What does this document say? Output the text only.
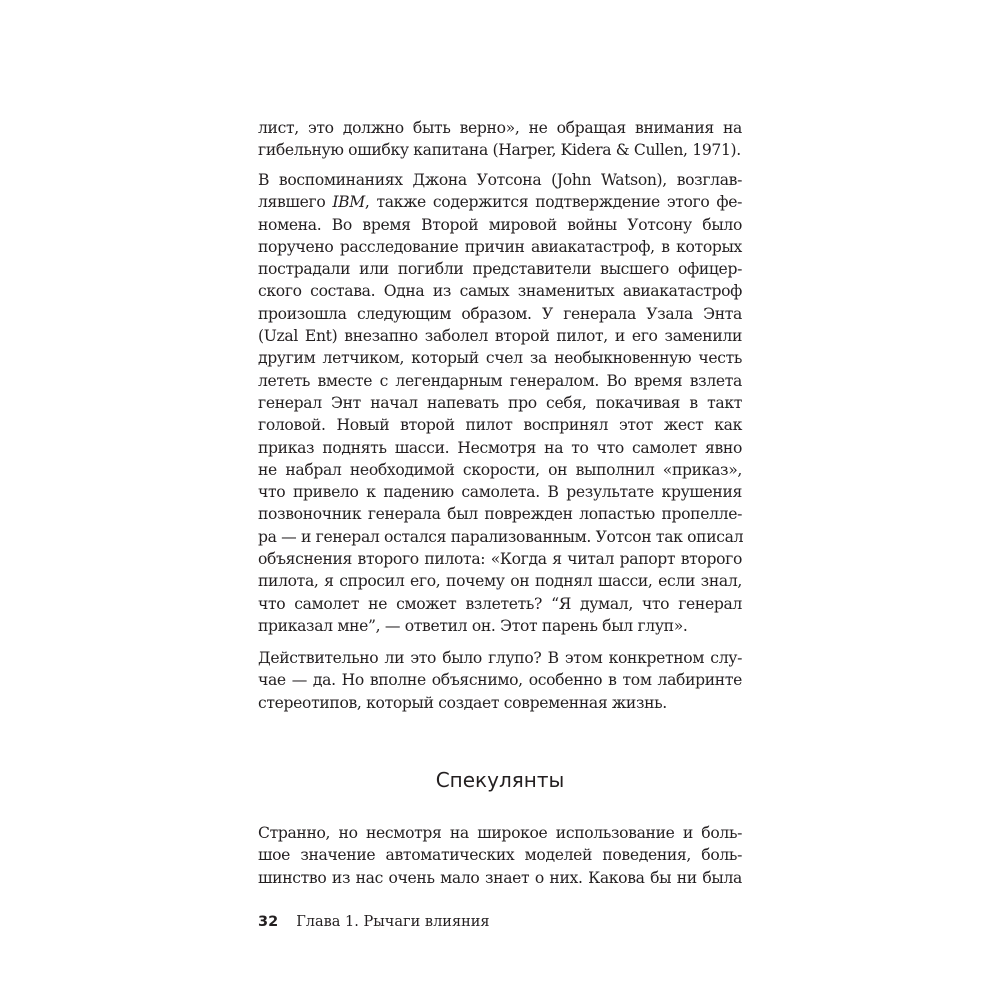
лист, это должно быть верно», не обращая внимания на
гибельную ошибку капитана (Harper, Kidera & Cullen, 1971).
В воспоминаниях Джона Уотсона (John Watson), возглав-
лявшего IBM, также содержится подтверждение этого фе-
номена. Во время Второй мировой войны Уотсону было
поручено расследование причин авиакатастроф, в которых
пострадали или погибли представители высшего офицер-
ского состава. Одна из самых знаменитых авиакатастроф
произошла следующим образом. У генерала Узала Энта
(Uzal Ent) внезапно заболел второй пилот, и его заменили
другим летчиком, который счел за необыкновенную честь
лететь вместе с легендарным генералом. Во время взлета
генерал Энт начал напевать про себя, покачивая в такт
головой. Новый второй пилот воспринял этот жест как
приказ поднять шасси. Несмотря на то что самолет явно
не набрал необходимой скорости, он выполнил «приказ»,
что привело к падению самолета. В результате крушения
позвоночник генерала был поврежден лопастью пропелле-
ра — и генерал остался парализованным. Уотсон так описал
объяснения второго пилота: «Когда я читал рапорт второго
пилота, я спросил его, почему он поднял шасси, если знал,
что самолет не сможет взлететь? “Я думал, что генерал
приказал мне”, — ответил он. Этот парень был глуп».
Действительно ли это было глупо? В этом конкретном слу-
чае — да. Но вполне объяснимо, особенно в том лабиринте
стереотипов, который создает современная жизнь.
Спекулянты
Странно, но несмотря на широкое использование и боль-
шое значение автоматических моделей поведения, боль-
шинство из нас очень мало знает о них. Какова бы ни была
32 Глава 1. Рычаги влияния
